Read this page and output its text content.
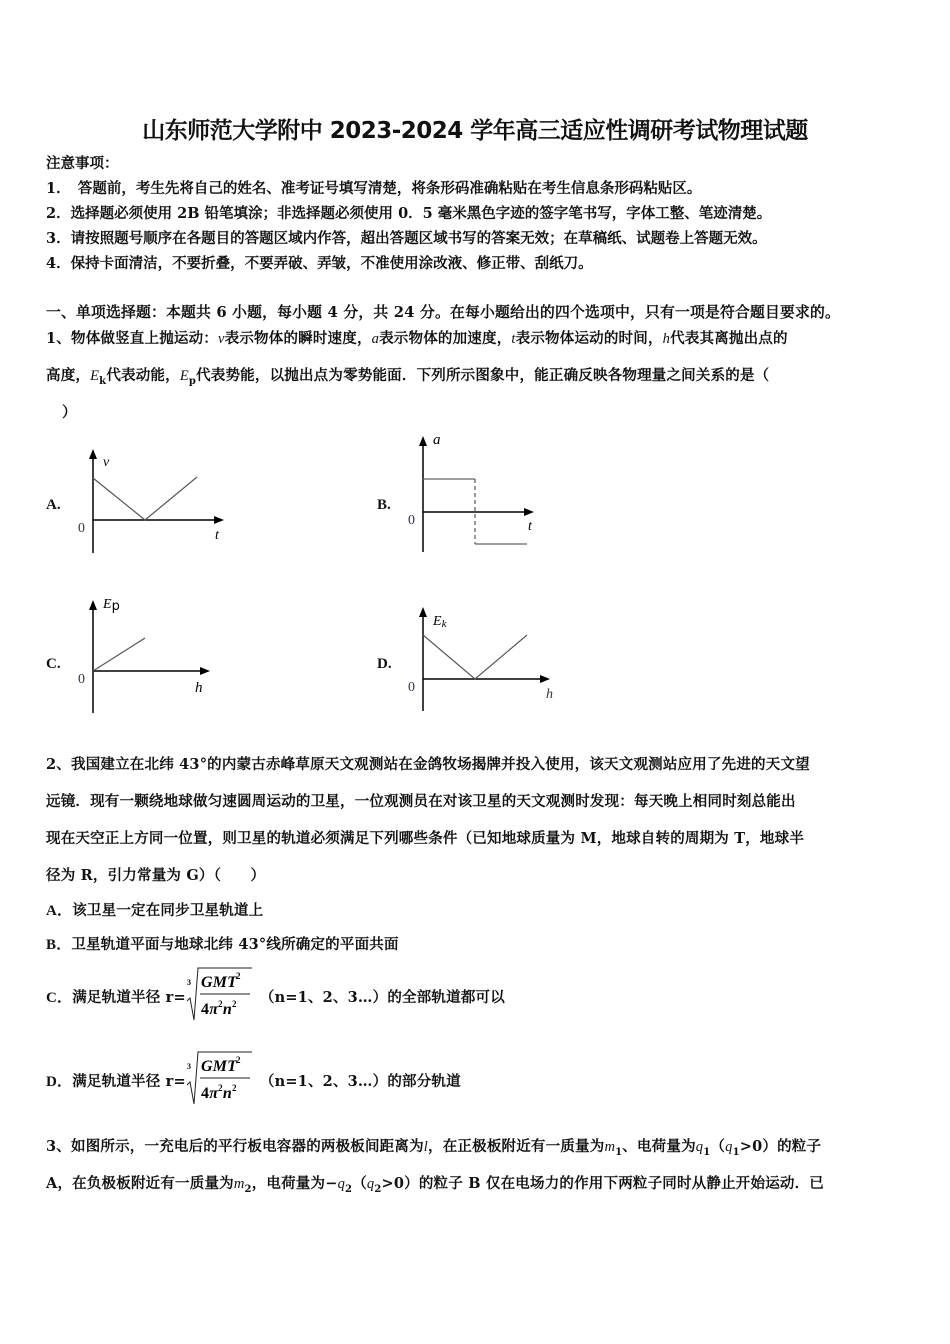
山东师范大学附中 2023-2024 学年高三适应性调研考试物理试题
注意事项：
1．　答题前，考生先将自己的姓名、准考证号填写清楚，将条形码准确粘贴在考生信息条形码粘贴区。
2．选择题必须使用 2B 铅笔填涂；非选择题必须使用 0．5 毫米黑色字迹的签字笔书写，字体工整、笔迹清楚。
3．请按照题号顺序在各题目的答题区域内作答，超出答题区域书写的答案无效；在草稿纸、试题卷上答题无效。
4．保持卡面清洁，不要折叠，不要弄破、弄皱，不准使用涂改液、修正带、刮纸刀。
一、单项选择题：本题共 6 小题，每小题 4 分，共 24 分。在每小题给出的四个选项中，只有一项是符合题目要求的。
1、物体做竖直上抛运动：v表示物体的瞬时速度，a表示物体的加速度，t表示物体运动的时间，h代表其离抛出点的
高度，$E_k$代表动能，$E_p$代表势能，以抛出点为零势能面．下列所示图象中，能正确反映各物理量之间关系的是（
）
A.
v
0	t
B.
a
0	t
C.
Ep
0
h
D.
Ek
0	h
2、我国建立在北纬 43°的内蒙古赤峰草原天文观测站在金鸽牧场揭牌并投入使用，该天文观测站应用了先进的天文望
远镜．现有一颗绕地球做匀速圆周运动的卫星，一位观测员在对该卫星的天文观测时发现：每天晚上相同时刻总能出
现在天空正上方同一位置，则卫星的轨道必须满足下列哪些条件（已知地球质量为 M，地球自转的周期为 T，地球半
径为 R，引力常量为 G）（　　）
A．该卫星一定在同步卫星轨道上
B．卫星轨道平面与地球北纬 43°线所确定的平面共面
C． 满足轨道半径 r=
3 GMT
2
$4\pi^2n^2$ （n=1、2、3…）的全部轨道都可以
D． 满足轨道半径 r=
3 GMT
2
$4\pi^2n^2$ （n=1、2、3…）的部分轨道
3、如图所示，一充电后的平行板电容器的两极板间距离为l，在正极板附近有一质量为$m_1$、电荷量为$q_1(q_1>0)$的粒子
A，在负极板附近有一质量为$m_2$，电荷量为$-q_2(q_2>0)$的粒子 B 仅在电场力的作用下两粒子同时从静止开始运动．已
